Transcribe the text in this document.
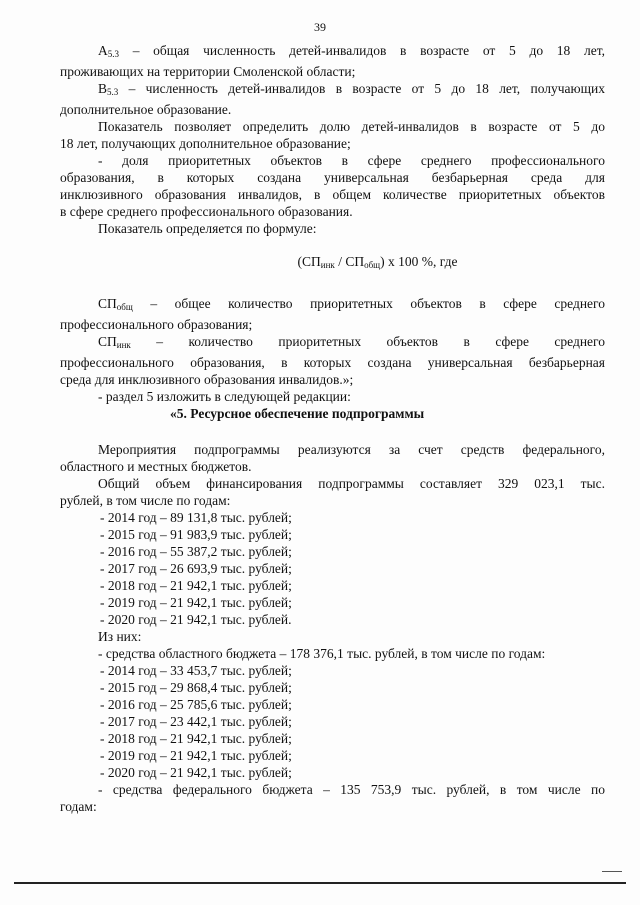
39

$А_{5.3}$ – общая численность детей-инвалидов в возрасте от 5 до 18 лет,

проживающих на территории Смоленской области;

$В_{5.3}$ – численность детей-инвалидов в возрасте от 5 до 18 лет, получающих

дополнительное образование.

Показатель позволяет определить долю детей-инвалидов в возрасте от 5 до

18 лет, получающих дополнительное образование;

- доля приоритетных объектов в сфере среднего профессионального

образования, в которых создана универсальная безбарьерная среда для

инклюзивного образования инвалидов, в общем количестве приоритетных объектов

в сфере среднего профессионального образования.

Показатель определяется по формуле:

$(СП_{инк} / СП_{общ})$ х 100 %, где

$СП_{общ}$ – общее количество приоритетных объектов в сфере среднего

профессионального образования;

$СП_{инк}$ – количество приоритетных объектов в сфере среднего

профессионального образования, в которых создана универсальная безбарьерная

среда для инклюзивного образования инвалидов.»;

- раздел 5 изложить в следующей редакции:

«5. Ресурсное обеспечение подпрограммы

Мероприятия подпрограммы реализуются за счет средств федерального,

областного и местных бюджетов.

Общий объем финансирования подпрограммы составляет 329 023,1 тыс.

рублей, в том числе по годам:

- 2014 год – 89 131,8 тыс. рублей;

- 2015 год – 91 983,9 тыс. рублей;

- 2016 год – 55 387,2 тыс. рублей;

- 2017 год – 26 693,9 тыс. рублей;

- 2018 год – 21 942,1 тыс. рублей;

- 2019 год – 21 942,1 тыс. рублей;

- 2020 год – 21 942,1 тыс. рублей.

Из них:

- средства областного бюджета – 178 376,1 тыс. рублей, в том числе по годам:

- 2014 год – 33 453,7 тыс. рублей;

- 2015 год – 29 868,4 тыс. рублей;

- 2016 год – 25 785,6 тыс. рублей;

- 2017 год – 23 442,1 тыс. рублей;

- 2018 год – 21 942,1 тыс. рублей;

- 2019 год – 21 942,1 тыс. рублей;

- 2020 год – 21 942,1 тыс. рублей;

- средства федерального бюджета – 135 753,9 тыс. рублей, в том числе по

годам:
